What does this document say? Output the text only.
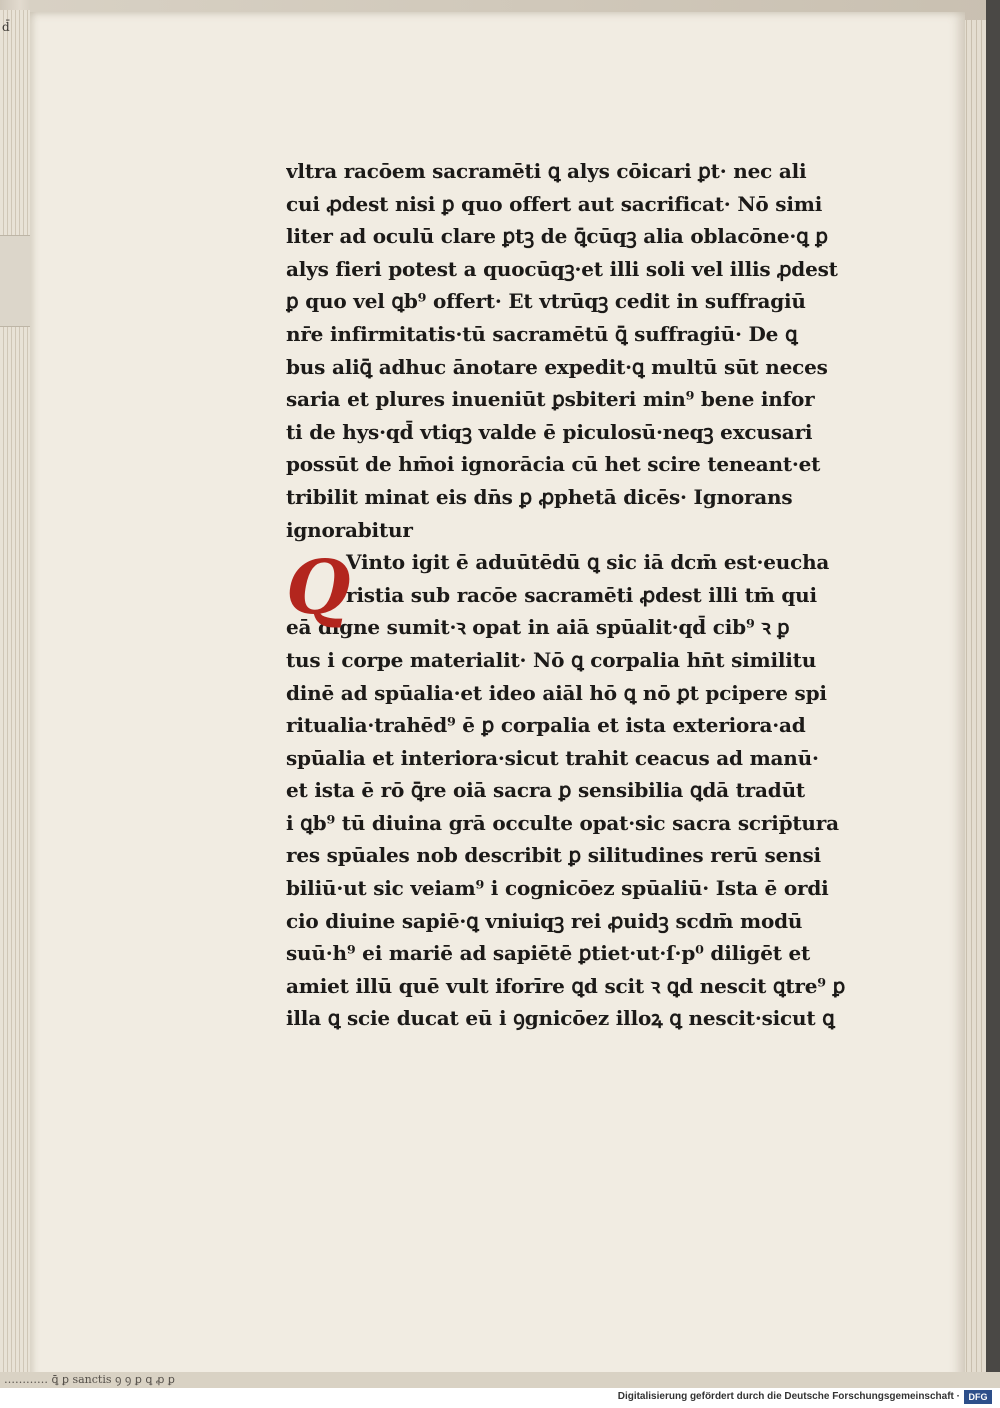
d̄
vltra racōem sacramēti ꝗ alys cōicari ꝑt· nec ali
cui ꝓdest nisi ꝑ quo offert aut sacrificat· Nō simi
liter ad oculū clare ꝑtꝫ de ꝗ̄cūqꝫ alia oblacōne·ꝗ ꝑ
alys fieri potest a quocūqꝫ·et illi soli vel illis ꝓdest
ꝑ quo vel ꝗb⁹ offert· Et vtrūqꝫ cedit in suffragiū
nr̄e infirmitatis·tū sacramētū ꝗ̄ suffragiū· De ꝗ
bus aliꝗ̄ adhuc ānotare expedit·ꝗ multū sūt neces
saria et plures inueniūt ꝑsbiteri min⁹ bene infor
ti de hys·qd̄ vtiqꝫ valde ē piculosū·neqꝫ excusari
possūt de hm̄oi ignorācia cū het scire teneant·et
tribilit minat eis dn̄s ꝑ ꝓphetā dicēs· Ignorans
ignorabitur
Vinto igit ē aduūtēdū ꝗ sic iā dcm̄ est·eucha
ristia sub racōe sacramēti ꝓdest illi tm̄ qui
eā digne sumit·ꝛ opat in aiā spūalit·qd̄ cib⁹ ꝛ ꝑ
tus i corpe materialit· Nō ꝗ corpalia hn̄t similitu
dinē ad spūalia·et ideo aiāl hō ꝗ nō ꝑt pcipere spi
ritualia·trahēd⁹ ē ꝑ corpalia et ista exteriora·ad
spūalia et interiora·sicut trahit ceacus ad manū·
et ista ē rō ꝗ̄re oiā sacra ꝑ sensibilia ꝗdā tradūt
i ꝗb⁹ tū diuina grā occulte opat·sic sacra scrip̄tura
res spūales nob describit ꝑ silitudines rerū sensi
biliū·ut sic veiam⁹ i cognicōez spūaliū· Ista ē ordi
cio diuine sapiē·ꝗ vniuiqꝫ rei ꝓuidꝫ scdm̄ modū
suū·h⁹ ei mariē ad sapiētē ꝑtiet·ut·ſ·p⁰ diligēt et
amiet illū quē vult iforīre ꝗd scit ꝛ ꝗd nescit ꝗtre⁹ ꝑ
illa ꝗ scie ducat eū i ꝯgnicōez illoꝝ ꝗ nescit·sicut ꝗ
Q
………… ꝗ̄ ꝑ sanctis ꝯ ꝯ ꝑ ꝗ ꝓ ꝑ
Digitalisierung gefördert durch die Deutsche Forschungsgemeinschaft · DFG
